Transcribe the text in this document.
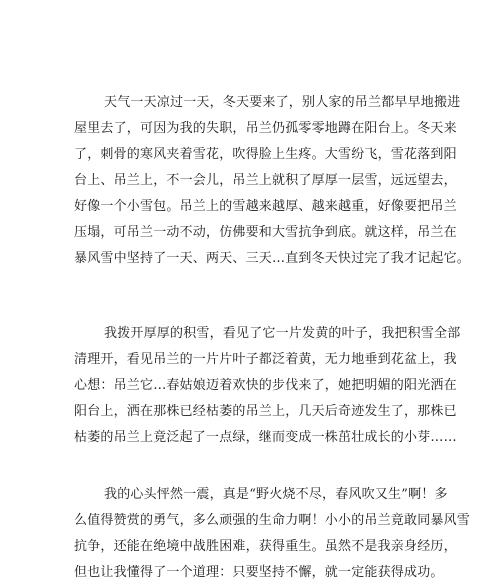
天气一天凉过一天，冬天要来了，别人家的吊兰都早早地搬进
屋里去了，可因为我的失职，吊兰仍孤零零地蹲在阳台上。冬天来
了，刺骨的寒风夹着雪花，吹得脸上生疼。大雪纷飞，雪花落到阳
台上、吊兰上，不一会儿，吊兰上就积了厚厚一层雪，远远望去，
好像一个小雪包。吊兰上的雪越来越厚、越来越重，好像要把吊兰
压塌，可吊兰一动不动，仿佛要和大雪抗争到底。就这样，吊兰在
暴风雪中坚持了一天、两天、三天…直到冬天快过完了我才记起它。
我拨开厚厚的积雪，看见了它一片发黄的叶子，我把积雪全部
清理开，看见吊兰的一片片叶子都泛着黄，无力地垂到花盆上，我
心想：吊兰它…春姑娘迈着欢快的步伐来了，她把明媚的阳光洒在
阳台上，洒在那株已经枯萎的吊兰上，几天后奇迹发生了，那株已
枯萎的吊兰上竟泛起了一点绿，继而变成一株茁壮成长的小芽……
我的心头怦然一震，真是“野火烧不尽，春风吹又生”啊！多
么值得赞赏的勇气，多么顽强的生命力啊！小小的吊兰竟敢同暴风雪
抗争，还能在绝境中战胜困难，获得重生。虽然不是我亲身经历，
但也让我懂得了一个道理：只要坚持不懈，就一定能获得成功。
